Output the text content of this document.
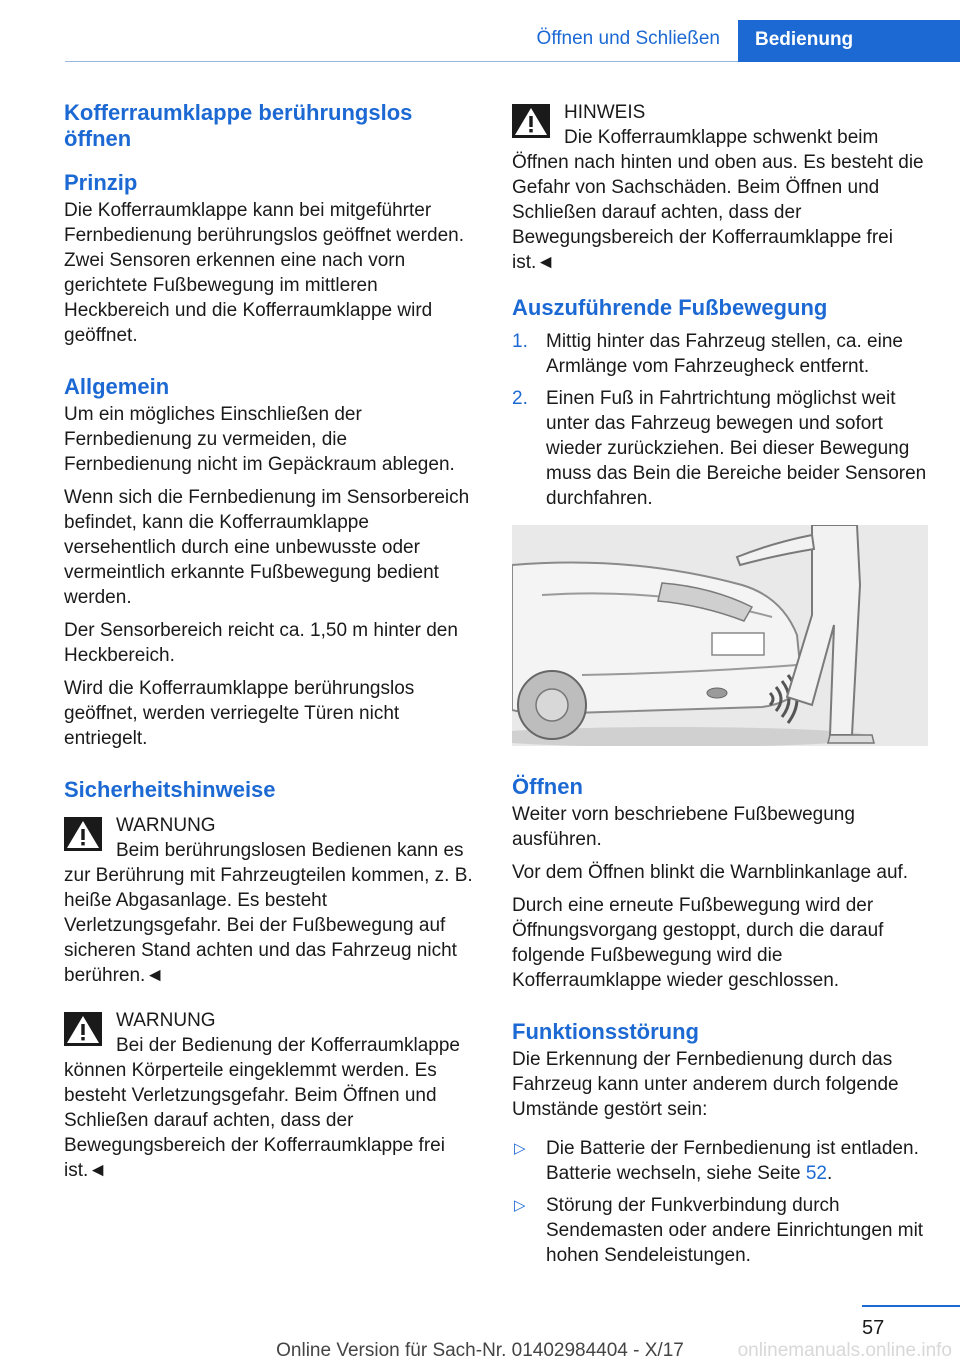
Öffnen und Schließen	Bedienung
Kofferraumklappe berührungslos öffnen
Prinzip
Die Kofferraumklappe kann bei mitgeführter Fernbedienung berührungslos geöffnet werden. Zwei Sensoren erkennen eine nach vorn gerichtete Fußbewegung im mittleren Heckbereich und die Kofferraumklappe wird geöffnet.
Allgemein
Um ein mögliches Einschließen der Fernbedienung zu vermeiden, die Fernbedienung nicht im Gepäckraum ablegen.
Wenn sich die Fernbedienung im Sensorbereich befindet, kann die Kofferraumklappe versehentlich durch eine unbewusste oder vermeintlich erkannte Fußbewegung bedient werden.
Der Sensorbereich reicht ca. 1,50 m hinter den Heckbereich.
Wird die Kofferraumklappe berührungslos geöffnet, werden verriegelte Türen nicht entriegelt.
Sicherheitshinweise
WARNUNG
Beim berührungslosen Bedienen kann es
zur Berührung mit Fahrzeugteilen kommen, z. B. heiße Abgasanlage. Es besteht Verletzungsgefahr. Bei der Fußbewegung auf sicheren Stand achten und das Fahrzeug nicht berühren.◄
WARNUNG
Bei der Bedienung der Kofferraumklappe
können Körperteile eingeklemmt werden. Es besteht Verletzungsgefahr. Beim Öffnen und Schließen darauf achten, dass der Bewegungsbereich der Kofferraumklappe frei ist.◄
HINWEIS
Die Kofferraumklappe schwenkt beim
Öffnen nach hinten und oben aus. Es besteht die Gefahr von Sachschäden. Beim Öffnen und Schließen darauf achten, dass der Bewegungsbereich der Kofferraumklappe frei ist.◄
Auszuführende Fußbewegung
1. Mittig hinter das Fahrzeug stellen, ca. eine Armlänge vom Fahrzeugheck entfernt.
2. Einen Fuß in Fahrtrichtung möglichst weit unter das Fahrzeug bewegen und sofort wieder zurückziehen. Bei dieser Bewegung muss das Bein die Bereiche beider Sensoren durchfahren.
Öffnen
Weiter vorn beschriebene Fußbewegung ausführen.
Vor dem Öffnen blinkt die Warnblinkanlage auf.
Durch eine erneute Fußbewegung wird der Öffnungsvorgang gestoppt, durch die darauf folgende Fußbewegung wird die Kofferraumklappe wieder geschlossen.
Funktionsstörung
Die Erkennung der Fernbedienung durch das Fahrzeug kann unter anderem durch folgende Umstände gestört sein:
▷ Die Batterie der Fernbedienung ist entladen. Batterie wechseln, siehe Seite 52.
▷ Störung der Funkverbindung durch Sendemasten oder andere Einrichtungen mit hohen Sendeleistungen.
57
Online Version für Sach-Nr. 01402984404 - X/17	onlinemanuals.online.info
